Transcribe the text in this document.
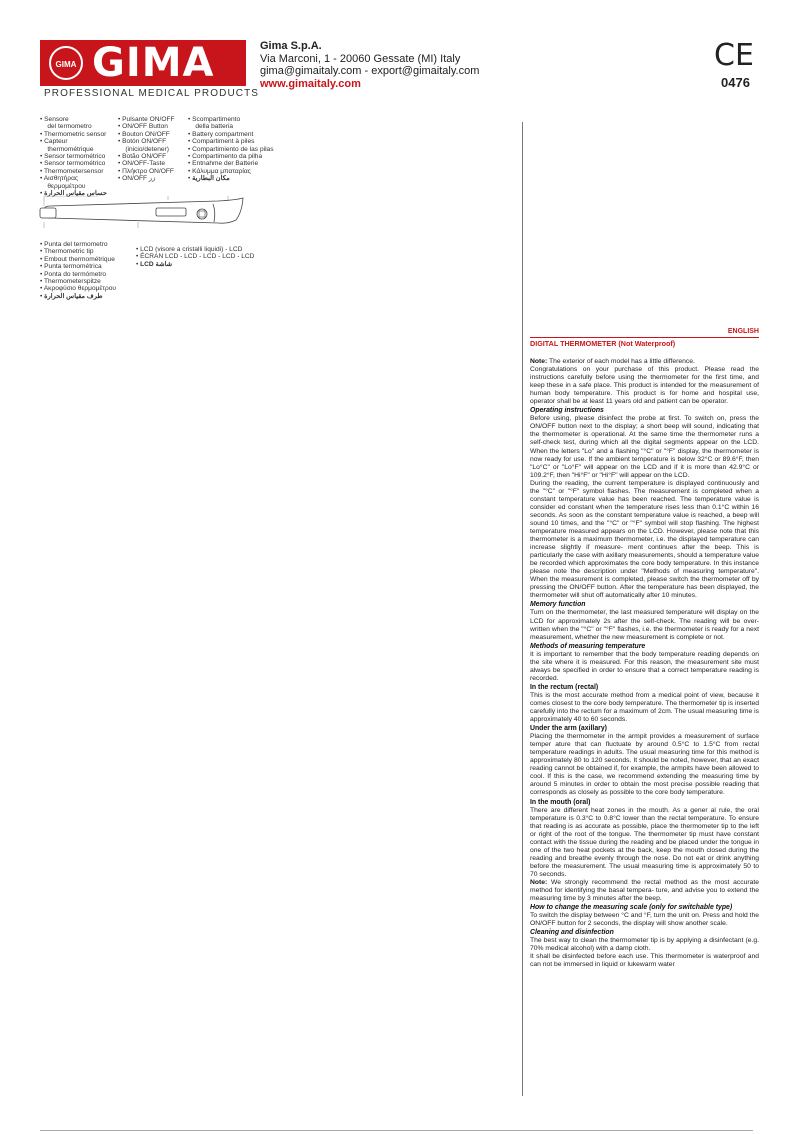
GIMA GIMA
PROFESSIONAL MEDICAL PRODUCTS
Gima S.p.A.
Via Marconi, 1 - 20060 Gessate (MI) Italy
gima@gimaitaly.com - export@gimaitaly.com
www.gimaitaly.com
CE
0476
• Sensore
del termometro
• Thermometric sensor
• Capteur
thermométrique
• Sensor termométrico
• Sensor termométrico
• Thermometersensor
• Αισθητήρας
θερμομέτρου
• حساس مقياس الحرارة
• Pulsante ON/OFF
• ON/OFF Button
• Bouton ON/OFF
• Botón ON/OFF
(inicio/detener)
• Botão ON/OFF
• ON/OFF-Taste
• Πλήκτρο ON/OFF
• ON/OFF زر
• Scompartimento
della batteria
• Battery compartment
• Compartiment à piles
• Compartimiento de las pilas
• Compartimento da pilha
• Entnahme der Batterie
• Κάλυμμα μπαταρίας
• مكان البطارية
• Punta del termometro
• Thermometric tip
• Embout thermométrique
• Punta termométrica
• Ponta do termómetro
• Thermometerspitze
• Ακροφύσιο θερμομέτρου
• طرف مقياس الحرارة
• LCD (visore a cristalli liquidi) - LCD
• ÉCRAN LCD - LCD - LCD - LCD - LCD
• LCD شاشة
ENGLISH
DIGITAL THERMOMETER (Not Waterproof)

Note: The exterior of each model has a little difference.

Congratulations on your purchase of this product. Please read the instructions carefully before using the thermometer for the first time, and keep these in a safe place. This product is intended for the measurement of human body temperature. This product is for home and hospital use, operator shall be at least 11 years old and patient can be operator.

Operating instructions

Before using, please disinfect the probe at first. To switch on, press the ON/OFF button next to the display; a short beep will sound, indicating that the thermometer is operational. At the same time the thermometer runs a self-check test, during which all the digital segments appear on the LCD. When the letters "Lo" and a flashing "°C" or "°F" display, the thermometer is now ready for use. If the ambient temperature is below 32°C or 89.6°F, then "Lo°C" or "Lo°F" will appear on the LCD and if it is more than 42.9°C or 109.2°F, then "Hi°F" or "Hi°F" will appear on the LCD.

During the reading, the current temperature is displayed continuously and the "°C" or "°F" symbol flashes. The measurement is completed when a constant temperature value has been reached. The temperature value is consider ed constant when the temperature rises less than 0.1°C within 16 seconds. As soon as the constant temperature value is reached, a beep will sound 10 times, and the "°C" or "°F" symbol will stop flashing. The highest temperature measured appears on the LCD. However, please note that this thermometer is a maximum thermometer, i.e. the displayed temperature can increase slightly if measure- ment continues after the beep. This is particularly the case with axillary measurements, should a temperature value be recorded which approximates the core body temperature. In this instance please note the description under "Methods of measuring temperature". When the measurement is completed, please switch the thermometer off by pressing the ON/OFF button. After the temperature has been displayed, the thermometer will shut off automatically after 10 minutes.

Memory function

Turn on the thermometer, the last measured temperature will display on the LCD for approximately 2s after the self-check. The reading will be over-written when the "°C" or "°F" flashes, i.e. the thermometer is ready for a next measurement, whether the new measurement is complete or not.

Methods of measuring temperature

It is important to remember that the body temperature reading depends on the site where it is measured. For this reason, the measurement site must always be specified in order to ensure that a correct temperature reading is recorded.

In the rectum (rectal)

This is the most accurate method from a medical point of view, because it comes closest to the core body temperature. The thermometer tip is inserted carefully into the rectum for a maximum of 2cm. The usual measuring time is approximately 40 to 60 seconds.

Under the arm (axillary)

Placing the thermometer in the armpit provides a measurement of surface temper ature that can fluctuate by around 0.5°C to 1.5°C from rectal temperature readings in adults. The usual measuring time for this method is approximately 80 to 120 seconds. It should be noted, however, that an exact reading cannot be obtained if, for example, the armpits have been allowed to cool. If this is the case, we recommend extending the measuring time by around 5 minutes in order to obtain the most precise possible reading that corresponds as closely as possible to the core body temperature.

In the mouth (oral)

There are different heat zones in the mouth. As a gener al rule, the oral temperature is 0.3°C to 0.8°C lower than the rectal temperature. To ensure that reading is as accurate as possible, place the thermometer tip to the left or right of the root of the tongue. The thermometer tip must have constant contact with the tissue during the reading and be placed under the tongue in one of the two heat pockets at the back, keep the mouth closed during the reading and breathe evenly through the nose. Do not eat or drink anything before the measurement. The usual measuring time is approximately 50 to 70 seconds.

Note: We strongly recommend the rectal method as the most accurate method for identifying the basal tempera- ture, and advise you to extend the measuring time by 3 minutes after the beep.

How to change the measuring scale (only for switchable type)

To switch the display between °C and °F, turn the unit on. Press and hold the ON/OFF button for 2 seconds, the display will show another scale.

Cleaning and disinfection

The best way to clean the thermometer tip is by applying a disinfectant (e.g. 70% medical alcohol) with a damp cloth.

It shall be disinfected before each use. This thermometer is waterproof and can not be immersed in liquid or lukewarm water
